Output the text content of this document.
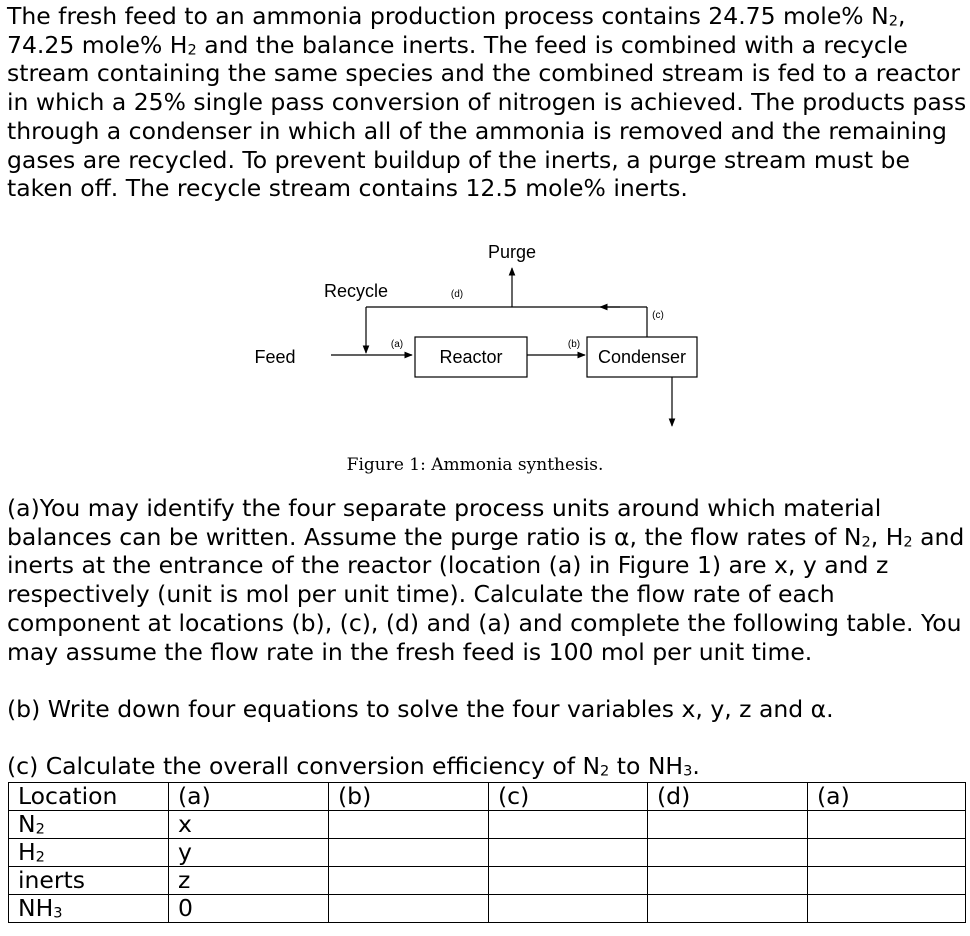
The fresh feed to an ammonia production process contains 24.75 mole% $N_2$,
74.25 mole% $H_2$ and the balance inerts. The feed is combined with a recycle stream containing the same species and the combined stream is fed to a reactor in which a 25% single pass conversion of nitrogen is achieved. The products pass through a condenser in which all of the ammonia is removed and the remaining gases are recycled. To prevent buildup of the inerts, a purge stream must be taken off. The recycle stream contains 12.5 mole% inerts.

Purge
Recycle
Feed	Reactor	Condenser
(a)	(b)
(c)
(d)
Figure 1: Ammonia synthesis.

(a)You may identify the four separate process units around which material balances can be written. Assume the purge ratio is α, the flow rates of $N_2$, $H_2$ and inerts at the entrance of the reactor (location (a) in Figure 1) are x, y and z respectively (unit is mol per unit time). Calculate the flow rate of each component at locations (b), (c), (d) and (a) and complete the following table. You may assume the flow rate in the fresh feed is 100 mol per unit time.

(b) Write down four equations to solve the four variables x, y, z and α.

(c) Calculate the overall conversion efficiency of $N_2$ to $NH_3$.

Location	(a)	(b)	(c)	(d)	(a)
$N_2$	x				
$H_2$	y				
inerts	z				
$NH_3$	0				
